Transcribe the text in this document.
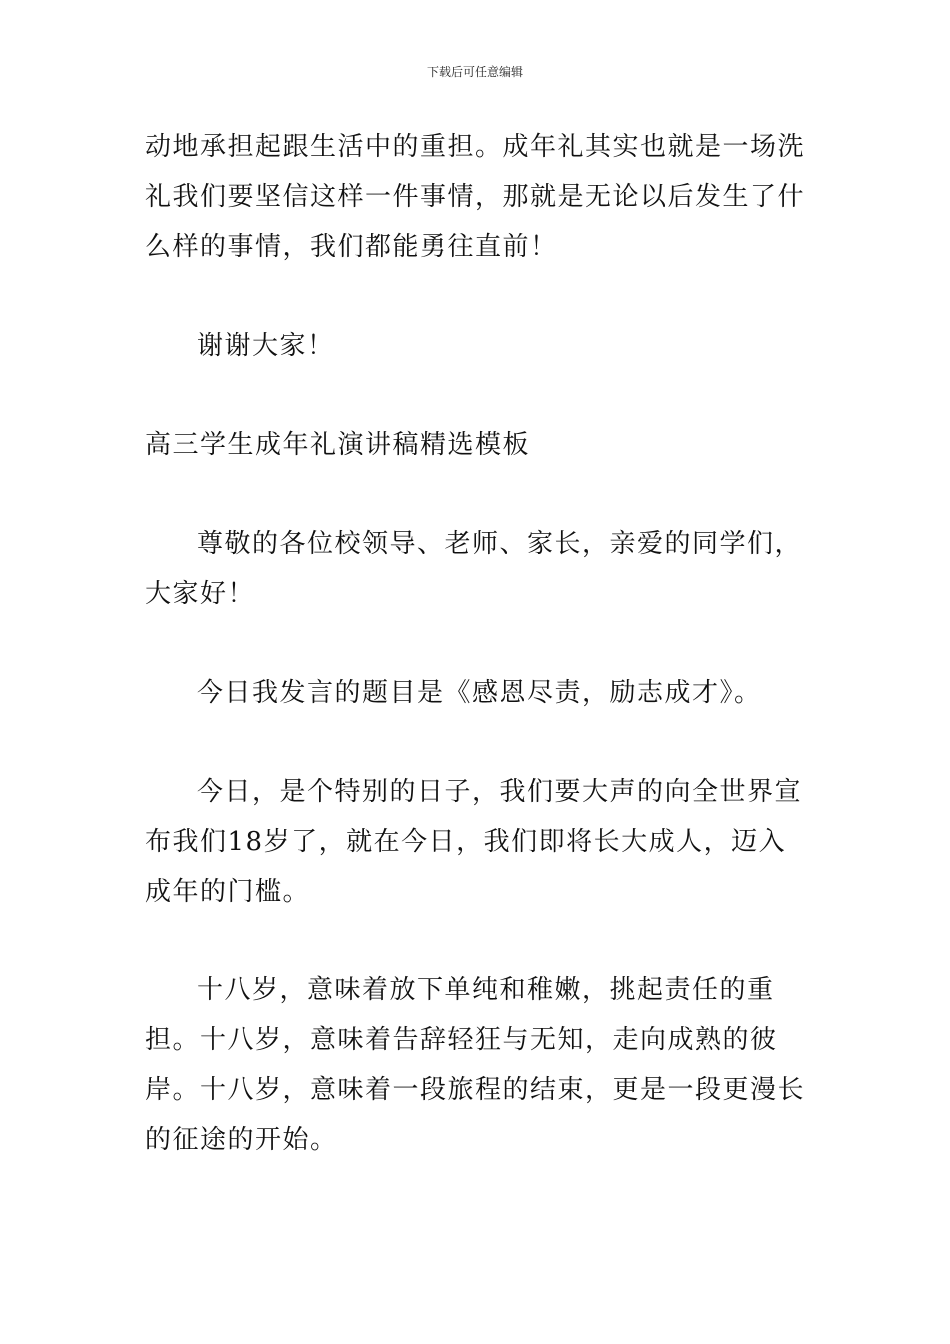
下载后可任意编辑

动地承担起跟生活中的重担。成年礼其实也就是一场洗礼我们要坚信这样一件事情，那就是无论以后发生了什么样的事情，我们都能勇往直前！

谢谢大家！

高三学生成年礼演讲稿精选模板

尊敬的各位校领导、老师、家长，亲爱的同学们，大家好！

今日我发言的题目是《感恩尽责，励志成才》。

今日，是个特别的日子，我们要大声的向全世界宣布我们18岁了，就在今日，我们即将长大成人，迈入成年的门槛。

十八岁，意味着放下单纯和稚嫩，挑起责任的重担。十八岁，意味着告辞轻狂与无知，走向成熟的彼岸。十八岁，意味着一段旅程的结束，更是一段更漫长的征途的开始。
